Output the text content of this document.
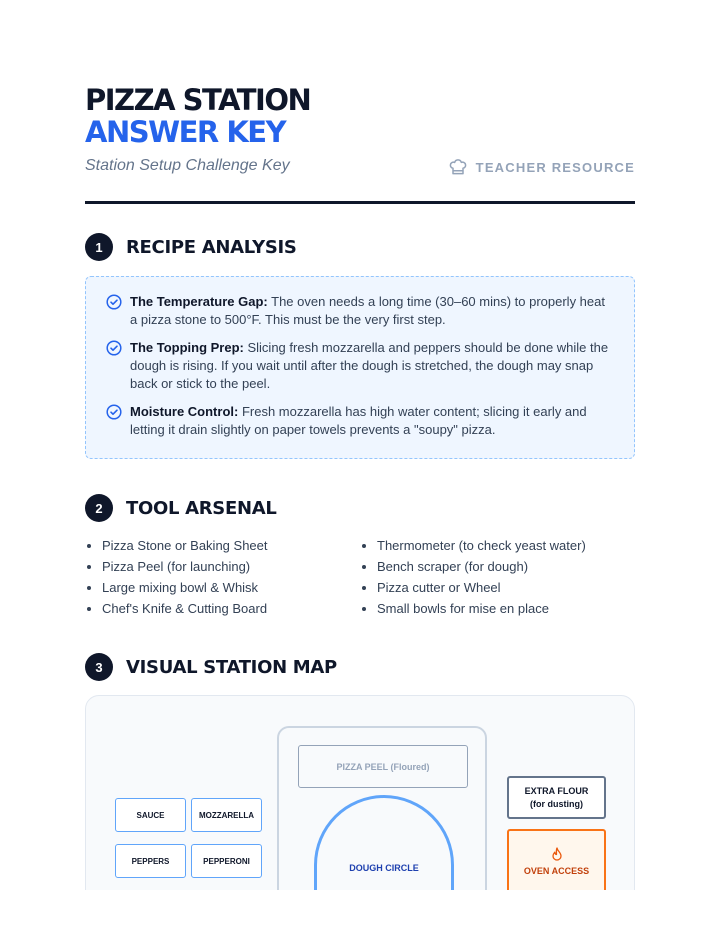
PIZZA STATION
ANSWER KEY
Station Setup Challenge Key	TEACHER RESOURCE
1	RECIPE ANALYSIS
The Temperature Gap: The oven needs a long time (30–60 mins) to properly heat a pizza stone to 500°F. This must be the very first step.
The Topping Prep: Slicing fresh mozzarella and peppers should be done while the dough is rising. If you wait until after the dough is stretched, the dough may snap back or stick to the peel.
Moisture Control: Fresh mozzarella has high water content; slicing it early and letting it drain slightly on paper towels prevents a "soupy" pizza.
2	TOOL ARSENAL
Pizza Stone or Baking Sheet
Pizza Peel (for launching)
Large mixing bowl & Whisk
Chef's Knife & Cutting Board
Thermometer (to check yeast water)
Bench scraper (for dough)
Pizza cutter or Wheel
Small bowls for mise en place
3	VISUAL STATION MAP
SAUCE	MOZZARELLA
PEPPERS	PEPPERONI
PIZZA PEEL (Floured)
DOUGH CIRCLE
EXTRA FLOUR
(for dusting)
OVEN ACCESS
